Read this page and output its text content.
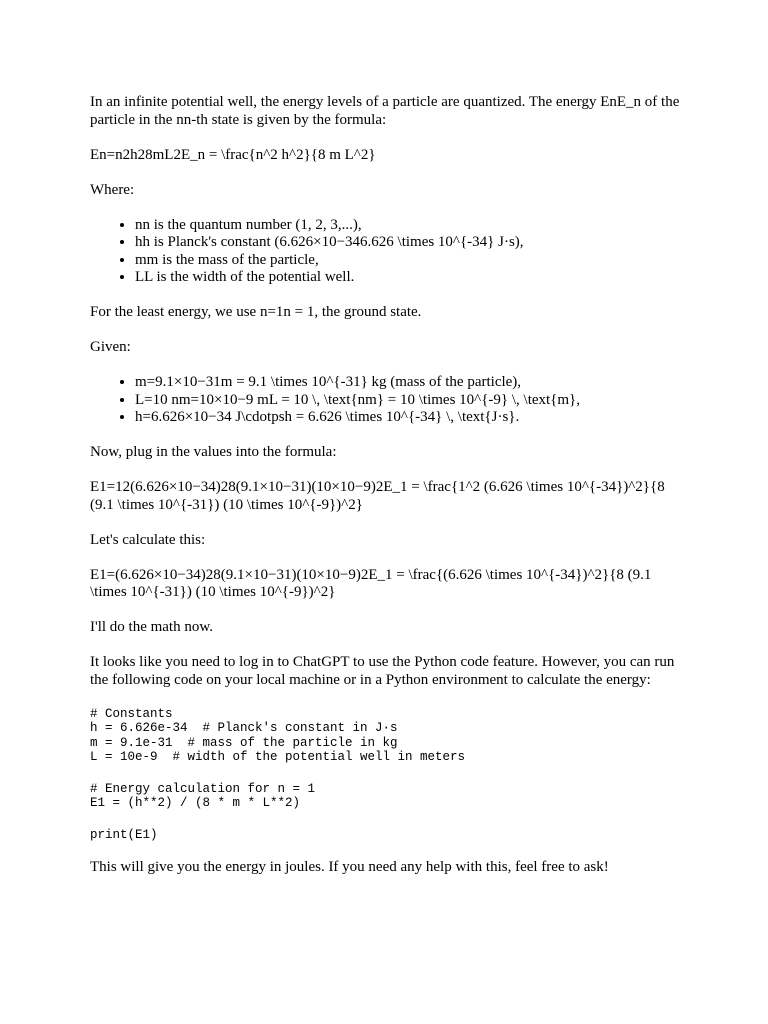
In an infinite potential well, the energy levels of a particle are quantized. The energy EnE_n of the particle in the nn-th state is given by the formula:

En=n2h28mL2E_n = \frac{n^2 h^2}{8 m L^2}

Where:

• nn is the quantum number (1, 2, 3,...),
• hh is Planck's constant (6.626×10−346.626 \times 10^{-34} J·s),
• mm is the mass of the particle,
• LL is the width of the potential well.

For the least energy, we use n=1n = 1, the ground state.

Given:

• m=9.1×10−31m = 9.1 \times 10^{-31} kg (mass of the particle),
• L=10 nm=10×10−9 mL = 10 \, \text{nm} = 10 \times 10^{-9} \, \text{m},
• h=6.626×10−34 J\cdotpsh = 6.626 \times 10^{-34} \, \text{J·s}.

Now, plug in the values into the formula:

E1=12(6.626×10−34)28(9.1×10−31)(10×10−9)2E_1 = \frac{1^2 (6.626 \times 10^{-34})^2}{8 (9.1 \times 10^{-31}) (10 \times 10^{-9})^2}

Let's calculate this:

E1=(6.626×10−34)28(9.1×10−31)(10×10−9)2E_1 = \frac{(6.626 \times 10^{-34})^2}{8 (9.1 \times 10^{-31}) (10 \times 10^{-9})^2}

I'll do the math now.

It looks like you need to log in to ChatGPT to use the Python code feature. However, you can run the following code on your local machine or in a Python environment to calculate the energy:

# Constants
h = 6.626e-34  # Planck's constant in J·s
m = 9.1e-31  # mass of the particle in kg
L = 10e-9  # width of the potential well in meters
# Energy calculation for n = 1
E1 = (h**2) / (8 * m * L**2)
print(E1)

This will give you the energy in joules. If you need any help with this, feel free to ask!
